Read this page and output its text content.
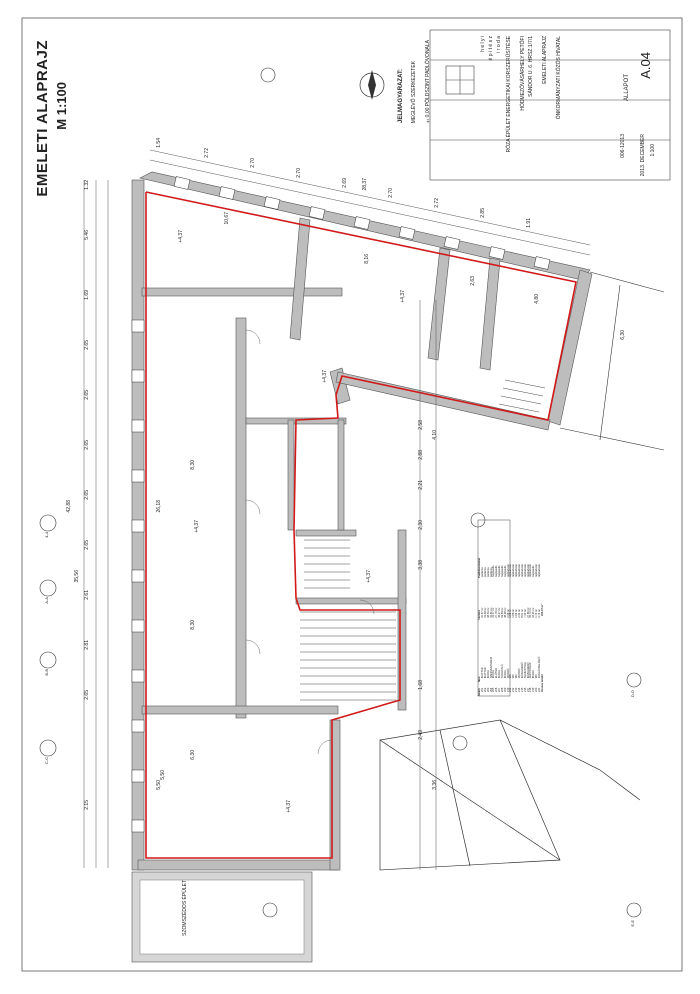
EMELETI ALAPRAJZ M 1:100	JELMAGYARÁZAT: MEGLÉVŐ SZERKEZETEK ±0,00 PÖLDSZINT PADLÓVONALA	h e l y i é p í t é s z i r o d a RÓZA ÉPÜLET ENERGETIKAI KORSZERŰSÍTÉSE HÓDMEZŐVÁSÁRHELY PETŐFI SÁNDOR U. 6. HRSZ:1/7/1 EMELETI ALAPRAJZ ÖNKORMÁNYZATI KÖZÖS HIVATAL
006-12013
ÁLLAPOT
2013. DECEMBER 1:100
A.04
SZOMSZÉDOS ÉPÜLET
1.54
2.72
2.70
2.70
2.69
2.70
2.72
2.85
1.91
28,37
1.32
5.46
1.69
2.65
2.65
2.65
2.65
2.65
2.61
2.81
2.65
2.15
42,88
35,56
8,30
8,30
6,30
5,50
26,18
2,58
2,88
4,10
2,21
2,30
3,38
1,68
2,49
3,36
+4,37
+4,37
+4,37
+4,37
+4,37
+4,37
10,67
8,16
2,63
4,80
6,30
5,50
4-4
A-A
B-B
C-C
D-D
E-E
Szám
Név
Terület
Padlóburkolat
201
IRATTÁR
10,67 m²
parketta
202
IRATTÁR
19,48 m²
parketta
203
IRODA
38,53 m²
parketta
204
SZERVERTEREM
15,61 m²
parketta
205
IRODA
21,17 m²
hajópadló
206
ELŐTÉR
27,78 m²
hajópadló
207
IRODA
36,27 m²
hajópadló
208
TÁRGYALÓ
33,84 m²
hajópadló
209
IRODA
48,38 m²
hajópadló
210
MOSDÓ
2,36 m²
lapburkolat
211
WC
1,68 m²
lapburkolat
212
WC
1,68 m²
lapburkolat
213
WC
1,64 m²
lapburkolat
214
MOSDÓ
2,34 m²
lapburkolat
215
KÖZLEKEDŐ
8,91 m²
lapburkolat
216
TEAKONYHA
7,39 m²
lapburkolat
217
KÖZLEKEDŐ
27,69 m²
lapburkolat
218
LÉPCSŐHÁZ
25,72 m²
lapburkolat
219
IRODA
16,91 m²
hajópadló
220
WC
1,74 m²
lapburkolat
221
PADLÁSFELJÁRÓ
3,74 m²
lapburkolat
Összes terület
404,37 m²
